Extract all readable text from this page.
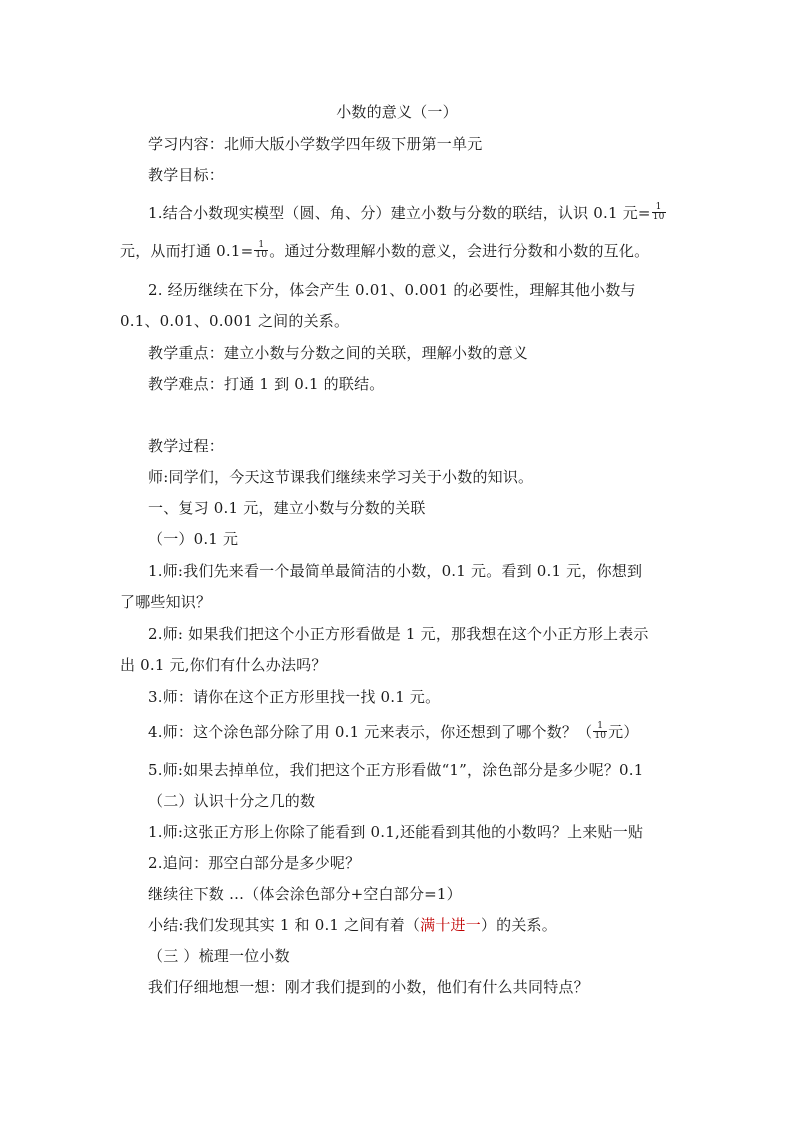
小数的意义（一）
学习内容：北师大版小学数学四年级下册第一单元
教学目标：
1.结合小数现实模型（圆、角、分）建立小数与分数的联结，认识 0.1 元= $\frac{1}{10}$
元，从而打通 $0.1= \frac{1}{10}$ 。通过分数理解小数的意义，会进行分数和小数的互化。
2. 经历继续在下分，体会产生 0.01、0.001 的必要性，理解其他小数与
0.1、0.01、0.001 之间的关系。
教学重点：建立小数与分数之间的关联，理解小数的意义
教学难点：打通 1 到 0.1 的联结。
教学过程：
师:同学们，今天这节课我们继续来学习关于小数的知识。
一、复习 0.1 元，建立小数与分数的关联
（一）0.1 元
1.师:我们先来看一个最简单最简洁的小数，0.1 元。看到 0.1 元，你想到
了哪些知识？
2.师: 如果我们把这个小正方形看做是 1 元，那我想在这个小正方形上表示
出 0.1 元,你们有什么办法吗？
3.师：请你在这个正方形里找一找 0.1 元。
4.师：这个涂色部分除了用 0.1 元来表示，你还想到了哪个数？（ $\frac{1}{10}$ 元）
5.师:如果去掉单位，我们把这个正方形看做“1”，涂色部分是多少呢？0.1
（二）认识十分之几的数
1.师:这张正方形上你除了能看到 0.1,还能看到其他的小数吗？上来贴一贴
2.追问：那空白部分是多少呢？
继续往下数 …（体会涂色部分+空白部分=1）
小结:我们发现其实 1 和 0.1 之间有着（满十进一）的关系。
（三 ）梳理一位小数
我们仔细地想一想：刚才我们提到的小数，他们有什么共同特点？
